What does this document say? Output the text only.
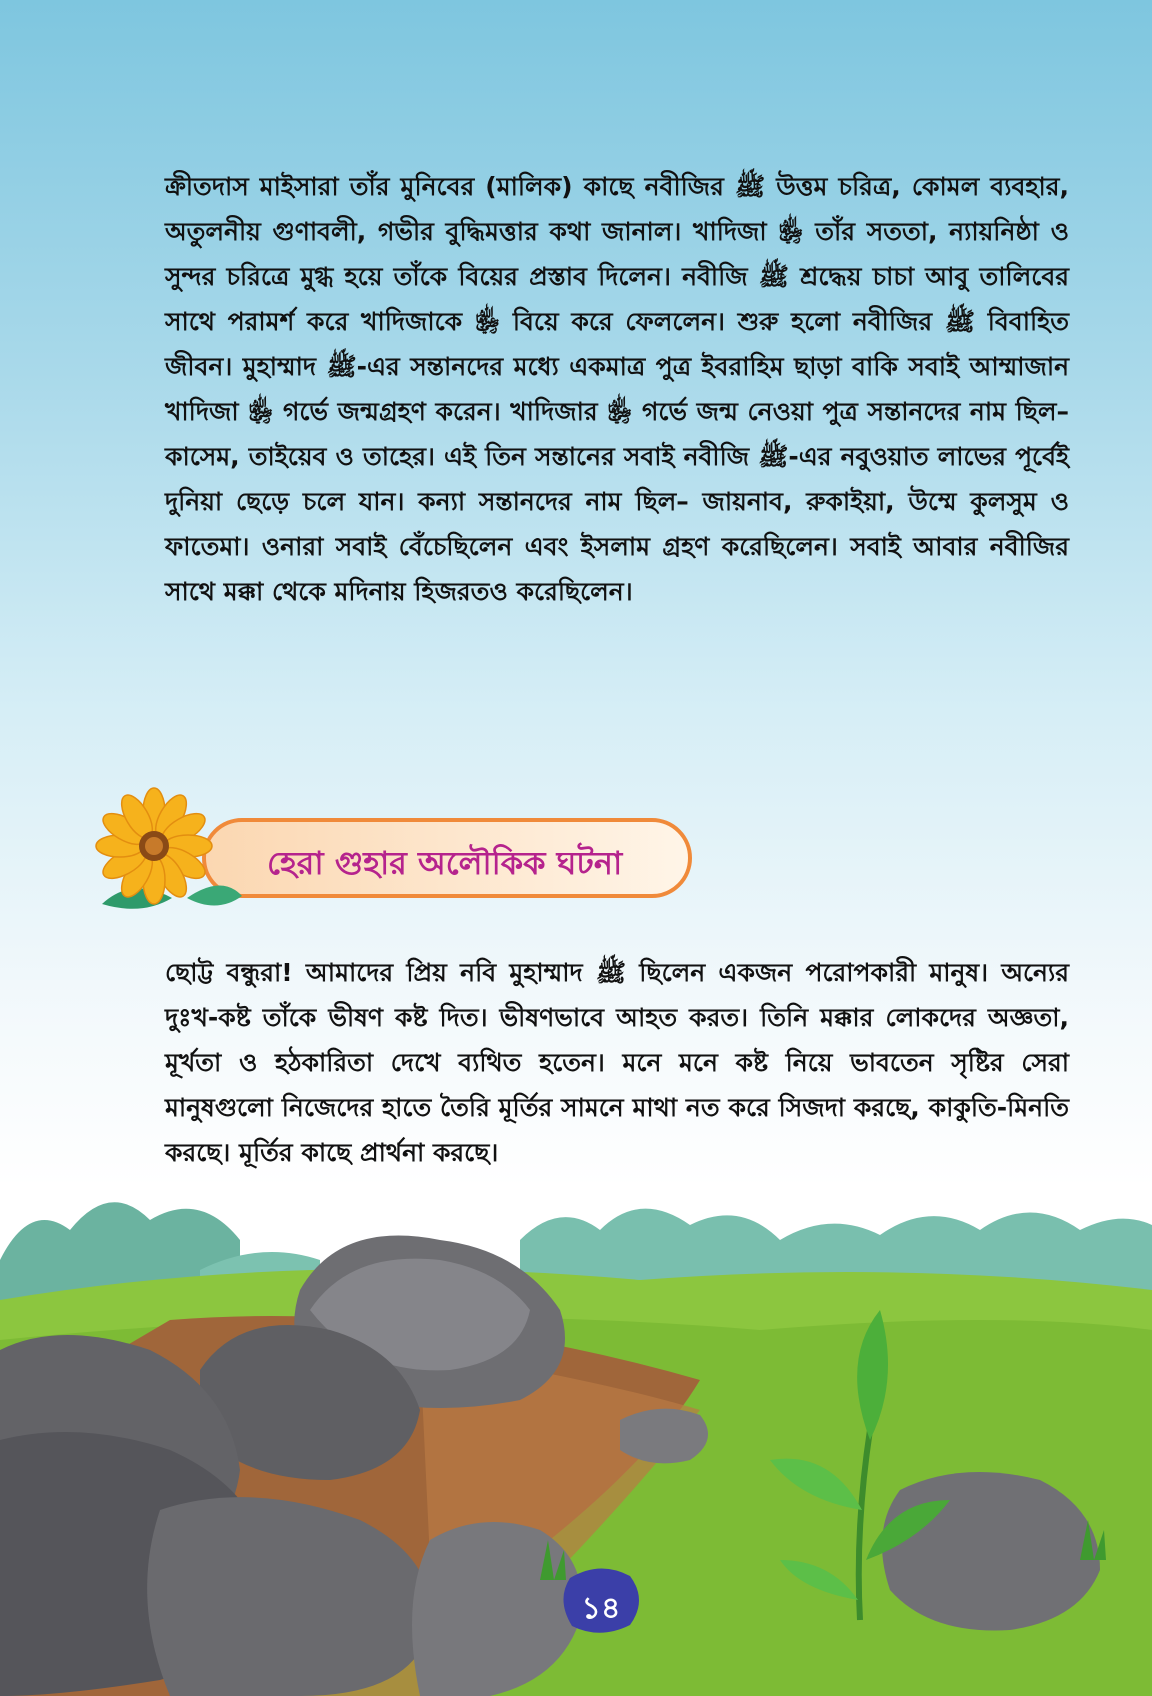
ক্রীতদাস মাইসারা তাঁর মুনিবের (মালিক) কাছে নবীজির ﷺ উত্তম চরিত্র, কোমল ব্যবহার, অতুলনীয় গুণাবলী, গভীর বুদ্ধিমত্তার কথা জানাল। খাদিজা ﵂ তাঁর সততা, ন্যায়নিষ্ঠা ও সুন্দর চরিত্রে মুগ্ধ হয়ে তাঁকে বিয়ের প্রস্তাব দিলেন। নবীজি ﷺ শ্রদ্ধেয় চাচা আবু তালিবের সাথে পরামর্শ করে খাদিজাকে ﵂ বিয়ে করে ফেললেন। শুরু হলো নবীজির ﷺ বিবাহিত জীবন। মুহাম্মাদ ﷺ-এর সন্তানদের মধ্যে একমাত্র পুত্র ইবরাহিম ছাড়া বাকি সবাই আম্মাজান খাদিজা ﵂ গর্ভে জন্মগ্রহণ করেন। খাদিজার ﵂ গর্ভে জন্ম নেওয়া পুত্র সন্তানদের নাম ছিল– কাসেম, তাইয়েব ও তাহের। এই তিন সন্তানের সবাই নবীজি ﷺ-এর নবুওয়াত লাভের পূর্বেই দুনিয়া ছেড়ে চলে যান। কন্যা সন্তানদের নাম ছিল– জায়নাব, রুকাইয়া, উম্মে কুলসুম ও ফাতেমা। ওনারা সবাই বেঁচেছিলেন এবং ইসলাম গ্রহণ করেছিলেন। সবাই আবার নবীজির সাথে মক্কা থেকে মদিনায় হিজরতও করেছিলেন।

হেরা গুহার অলৌকিক ঘটনা

ছোট্ট বন্ধুরা! আমাদের প্রিয় নবি মুহাম্মাদ ﷺ ছিলেন একজন পরোপকারী মানুষ। অন্যের দুঃখ-কষ্ট তাঁকে ভীষণ কষ্ট দিত। ভীষণভাবে আহত করত। তিনি মক্কার লোকদের অজ্ঞতা, মূর্খতা ও হঠকারিতা দেখে ব্যথিত হতেন। মনে মনে কষ্ট নিয়ে ভাবতেন সৃষ্টির সেরা মানুষগুলো নিজেদের হাতে তৈরি মূর্তির সামনে মাথা নত করে সিজদা করছে, কাকুতি-মিনতি করছে। মূর্তির কাছে প্রার্থনা করছে।

১৪
